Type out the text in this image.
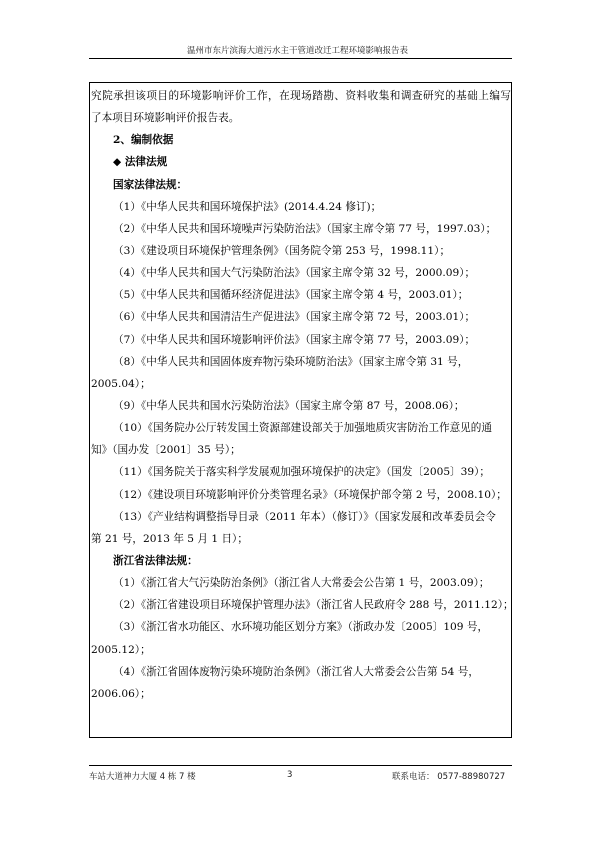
温州市东片滨海大道污水主干管道改迁工程环境影响报告表
究院承担该项目的环境影响评价工作，在现场踏勘、资料收集和调查研究的基础上编写
了本项目环境影响评价报告表。
2、编制依据
◆ 法律法规
国家法律法规：
（1）《中华人民共和国环境保护法》(2014.4.24 修订)；
（2）《中华人民共和国环境噪声污染防治法》（国家主席令第 77 号，1997.03）；
（3）《建设项目环境保护管理条例》（国务院令第 253 号，1998.11）；
（4）《中华人民共和国大气污染防治法》（国家主席令第 32 号，2000.09）；
（5）《中华人民共和国循环经济促进法》（国家主席令第 4 号，2003.01）；
（6）《中华人民共和国清洁生产促进法》（国家主席令第 72 号，2003.01）；
（7）《中华人民共和国环境影响评价法》（国家主席令第 77 号，2003.09）；
（8）《中华人民共和国固体废弃物污染环境防治法》（国家主席令第 31 号，
2005.04）；
（9）《中华人民共和国水污染防治法》（国家主席令第 87 号，2008.06）；
（10）《国务院办公厅转发国土资源部建设部关于加强地质灾害防治工作意见的通
知》（国办发〔2001〕35 号）；
（11）《国务院关于落实科学发展观加强环境保护的决定》（国发〔2005〕39）；
（12）《建设项目环境影响评价分类管理名录》（环境保护部令第 2 号，2008.10）；
（13）《产业结构调整指导目录（2011 年本）（修订）》（国家发展和改革委员会令
第 21 号，2013 年 5 月 1 日）；
浙江省法律法规：
（1）《浙江省大气污染防治条例》（浙江省人大常委会公告第 1 号，2003.09）；
（2）《浙江省建设项目环境保护管理办法》（浙江省人民政府令 288 号，2011.12）；
（3）《浙江省水功能区、水环境功能区划分方案》（浙政办发〔2005〕109 号，
2005.12）；
（4）《浙江省固体废物污染环境防治条例》（浙江省人大常委会公告第 54 号，
2006.06）；
车站大道神力大厦 4 栋 7 楼	3	联系电话： 0577-88980727
